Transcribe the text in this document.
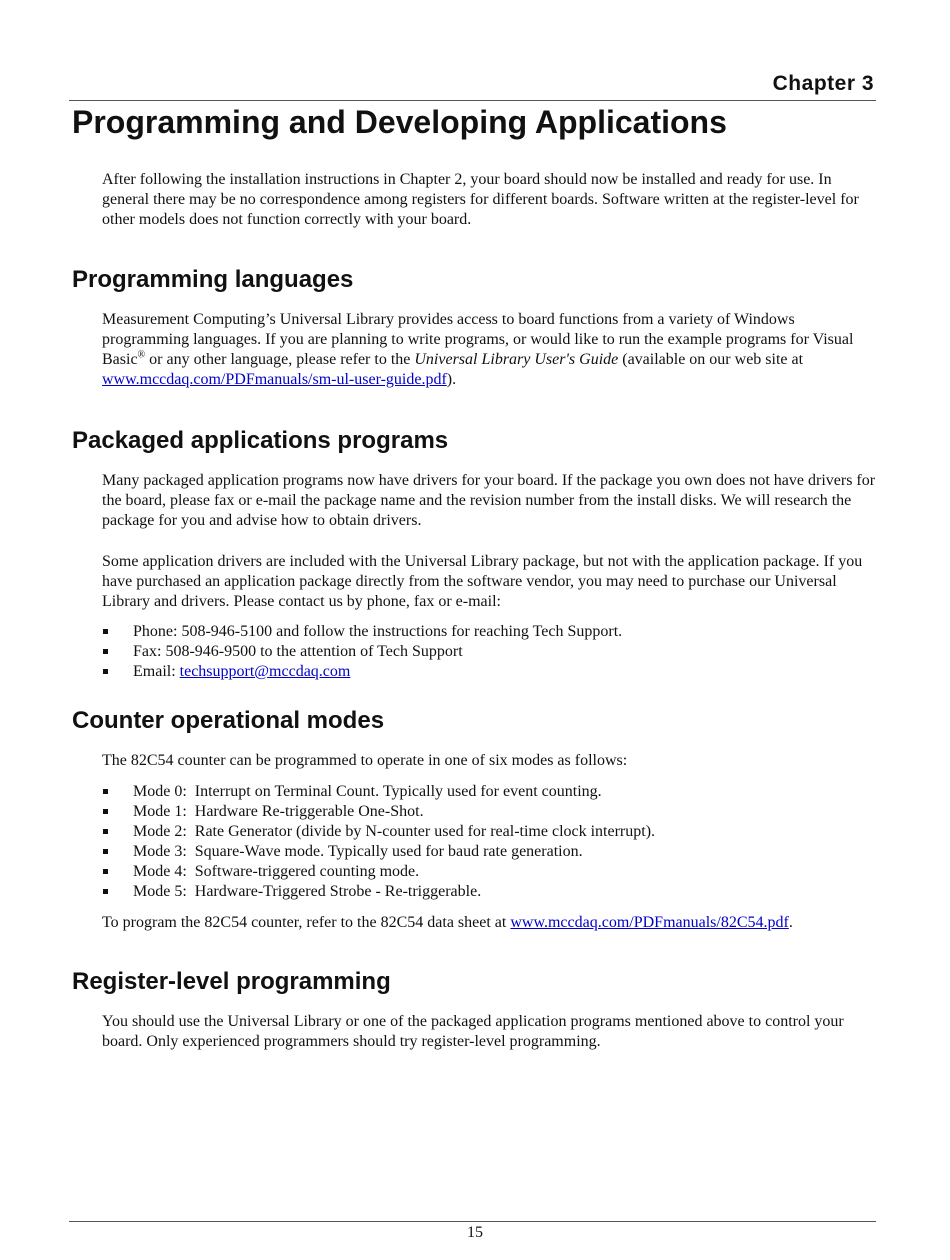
Chapter 3
Programming and Developing Applications

After following the installation instructions in Chapter 2, your board should now be installed and ready for use. In general there may be no correspondence among registers for different boards. Software written at the register-level for other models does not function correctly with your board.

Programming languages

Measurement Computing’s Universal Library provides access to board functions from a variety of Windows programming languages. If you are planning to write programs, or would like to run the example programs for Visual Basic® or any other language, please refer to the Universal Library User's Guide (available on our web site at www.mccdaq.com/PDFmanuals/sm-ul-user-guide.pdf).

Packaged applications programs

Many packaged application programs now have drivers for your board. If the package you own does not have drivers for the board, please fax or e-mail the package name and the revision number from the install disks. We will research the package for you and advise how to obtain drivers.

Some application drivers are included with the Universal Library package, but not with the application package. If you have purchased an application package directly from the software vendor, you may need to purchase our Universal Library and drivers. Please contact us by phone, fax or e-mail:

Phone: 508-946-5100 and follow the instructions for reaching Tech Support.
Fax: 508-946-9500 to the attention of Tech Support
Email: techsupport@mccdaq.com
Counter operational modes

The 82C54 counter can be programmed to operate in one of six modes as follows:

Mode 0:  Interrupt on Terminal Count. Typically used for event counting.
Mode 1:  Hardware Re-triggerable One-Shot.
Mode 2:  Rate Generator (divide by N-counter used for real-time clock interrupt).
Mode 3:  Square-Wave mode. Typically used for baud rate generation.
Mode 4:  Software-triggered counting mode.
Mode 5:  Hardware-Triggered Strobe - Re-triggerable.

To program the 82C54 counter, refer to the 82C54 data sheet at www.mccdaq.com/PDFmanuals/82C54.pdf.

Register-level programming

You should use the Universal Library or one of the packaged application programs mentioned above to control your board. Only experienced programmers should try register-level programming.

15
